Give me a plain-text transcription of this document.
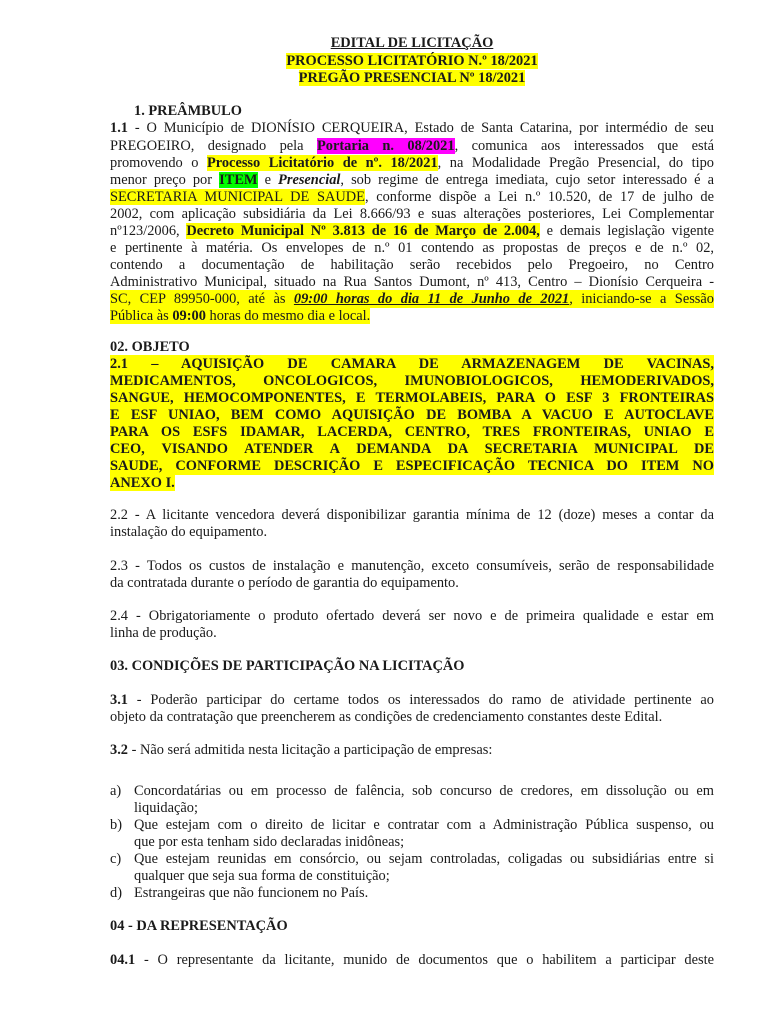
EDITAL DE LICITAÇÃO
PROCESSO LICITATÓRIO N.º 18/2021
PREGÃO PRESENCIAL Nº 18/2021
1. PREÂMBULO
1.1 - O Município de DIONÍSIO CERQUEIRA, Estado de Santa Catarina, por intermédio de seu
PREGOEIRO, designado pela Portaria n. 08/2021, comunica aos interessados que está
promovendo o Processo Licitatório de nº. 18/2021, na Modalidade Pregão Presencial, do tipo
menor preço por ITEM e Presencial, sob regime de entrega imediata, cujo setor interessado é a
SECRETARIA MUNICIPAL DE SAUDE, conforme dispõe a Lei n.º 10.520, de 17 de julho de
2002, com aplicação subsidiária da Lei 8.666/93 e suas alterações posteriores, Lei Complementar
nº123/2006, Decreto Municipal Nº 3.813 de 16 de Março de 2.004, e demais legislação vigente
e pertinente à matéria. Os envelopes de n.º 01 contendo as propostas de preços e de n.º 02,
contendo a documentação de habilitação serão recebidos pelo Pregoeiro, no Centro
Administrativo Municipal, situado na Rua Santos Dumont, nº 413, Centro – Dionísio Cerqueira -
SC, CEP 89950-000, até às 09:00 horas do dia 11 de Junho de 2021, iniciando-se a Sessão
Pública às 09:00 horas do mesmo dia e local.
02. OBJETO
2.1 – AQUISIÇÃO DE CAMARA DE ARMAZENAGEM DE VACINAS,
MEDICAMENTOS, ONCOLOGICOS, IMUNOBIOLOGICOS, HEMODERIVADOS,
SANGUE, HEMOCOMPONENTES, E TERMOLABEIS, PARA O ESF 3 FRONTEIRAS
E ESF UNIAO, BEM COMO AQUISIÇÃO DE BOMBA A VACUO E AUTOCLAVE
PARA OS ESFS IDAMAR, LACERDA, CENTRO, TRES FRONTEIRAS, UNIAO E
CEO, VISANDO ATENDER A DEMANDA DA SECRETARIA MUNICIPAL DE
SAUDE, CONFORME DESCRIÇÃO E ESPECIFICAÇÃO TECNICA DO ITEM NO
ANEXO I.
2.2 - A licitante vencedora deverá disponibilizar garantia mínima de 12 (doze) meses a contar da
instalação do equipamento.
2.3 - Todos os custos de instalação e manutenção, exceto consumíveis, serão de responsabilidade
da contratada durante o período de garantia do equipamento.
2.4 - Obrigatoriamente o produto ofertado deverá ser novo e de primeira qualidade e estar em
linha de produção.
03. CONDIÇÕES DE PARTICIPAÇÃO NA LICITAÇÃO
3.1 - Poderão participar do certame todos os interessados do ramo de atividade pertinente ao
objeto da contratação que preencherem as condições de credenciamento constantes deste Edital.
3.2 - Não será admitida nesta licitação a participação de empresas:
a) Concordatárias ou em processo de falência, sob concurso de credores, em dissolução ou em
liquidação;
b) Que estejam com o direito de licitar e contratar com a Administração Pública suspenso, ou
que por esta tenham sido declaradas inidôneas;
c) Que estejam reunidas em consórcio, ou sejam controladas, coligadas ou subsidiárias entre si
qualquer que seja sua forma de constituição;
d) Estrangeiras que não funcionem no País.
04 - DA REPRESENTAÇÃO
04.1 - O representante da licitante, munido de documentos que o habilitem a participar deste
